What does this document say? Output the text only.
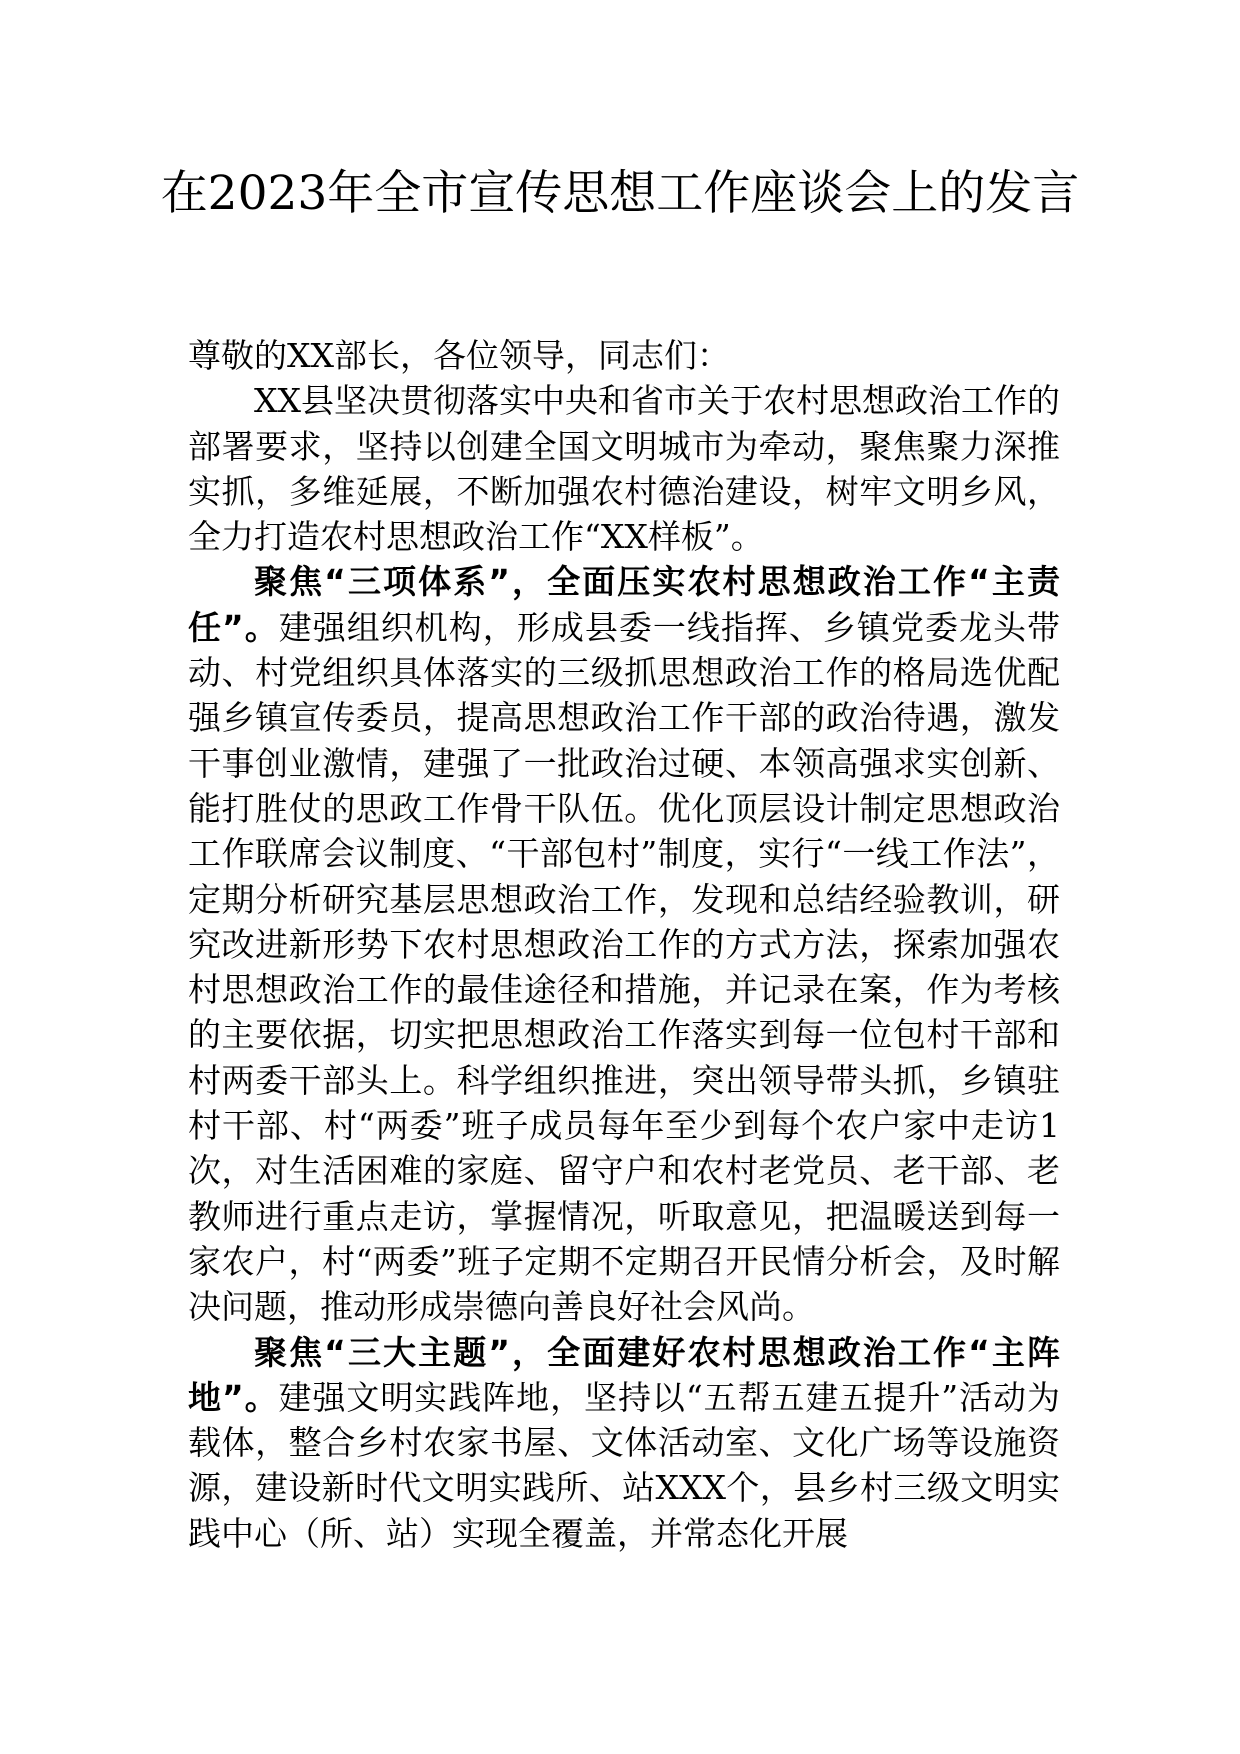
在2023年全市宣传思想工作座谈会上的发言

尊敬的XX部长，各位领导，同志们：

XX县坚决贯彻落实中央和省市关于农村思想政治工作的部署要求，坚持以创建全国文明城市为牵动，聚焦聚力深推实抓，多维延展，不断加强农村德治建设，树牢文明乡风，全力打造农村思想政治工作“XX样板”。

聚焦“三项体系”，全面压实农村思想政治工作“主责任”。建强组织机构，形成县委一线指挥、乡镇党委龙头带动、村党组织具体落实的三级抓思想政治工作的格局选优配强乡镇宣传委员，提高思想政治工作干部的政治待遇，激发干事创业激情，建强了一批政治过硬、本领高强求实创新、能打胜仗的思政工作骨干队伍。优化顶层设计制定思想政治工作联席会议制度、“干部包村”制度，实行“一线工作法”，定期分析研究基层思想政治工作，发现和总结经验教训，研究改进新形势下农村思想政治工作的方式方法，探索加强农村思想政治工作的最佳途径和措施，并记录在案，作为考核的主要依据，切实把思想政治工作落实到每一位包村干部和村两委干部头上。科学组织推进，突出领导带头抓，乡镇驻村干部、村“两委”班子成员每年至少到每个农户家中走访1次，对生活困难的家庭、留守户和农村老党员、老干部、老教师进行重点走访，掌握情况，听取意见，把温暖送到每一家农户，村“两委”班子定期不定期召开民情分析会，及时解决问题，推动形成崇德向善良好社会风尚。

聚焦“三大主题”，全面建好农村思想政治工作“主阵地”。建强文明实践阵地，坚持以“五帮五建五提升”活动为载体，整合乡村农家书屋、文体活动室、文化广场等设施资源，建设新时代文明实践所、站XXX个，县乡村三级文明实践中心（所、站）实现全覆盖，并常态化开展
